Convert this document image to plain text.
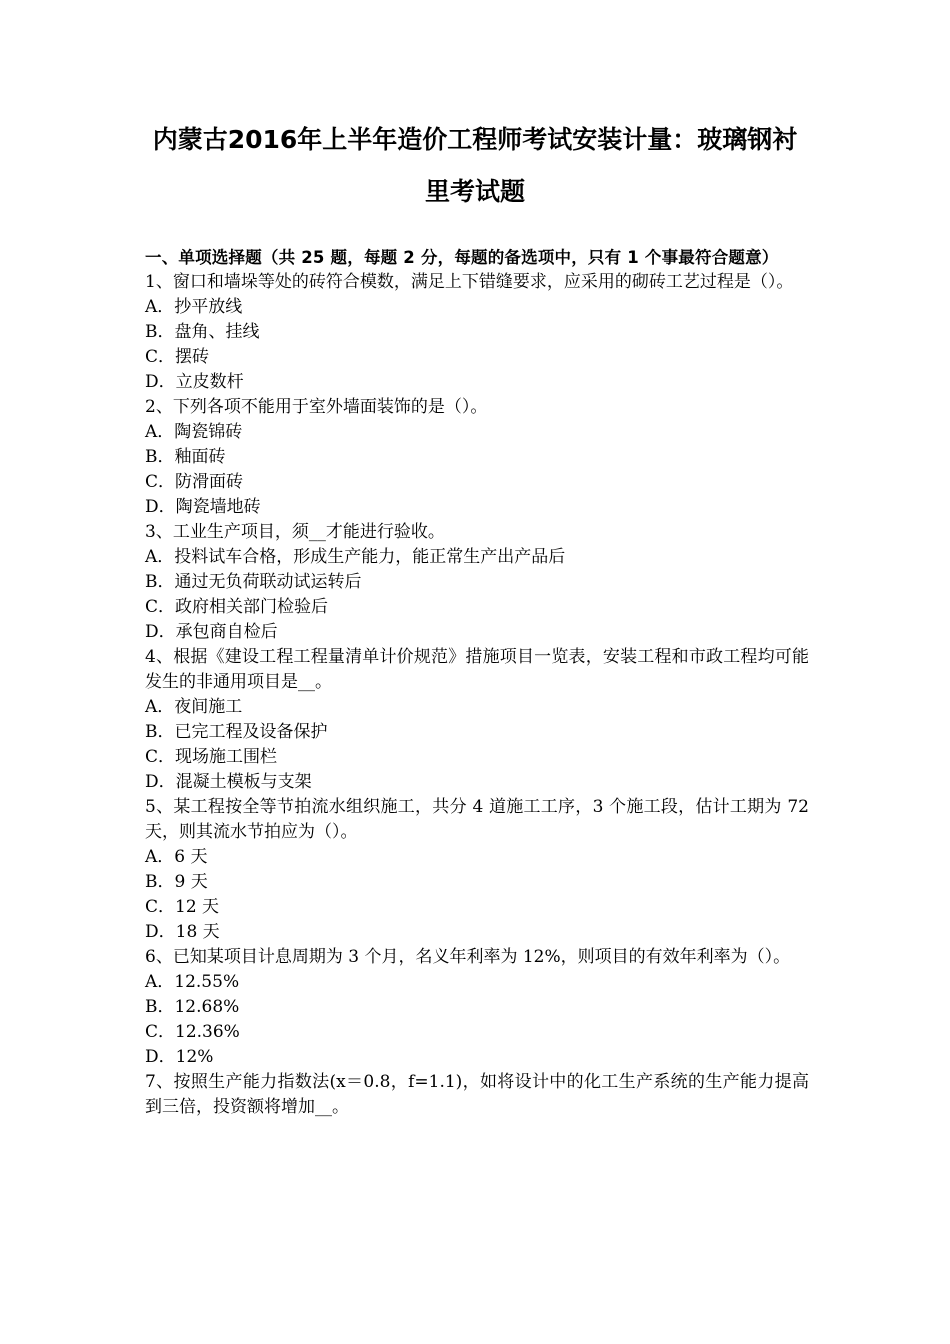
内蒙古2016年上半年造价工程师考试安装计量：玻璃钢衬
里考试题
一、单项选择题（共 25 题，每题 2 分，每题的备选项中，只有 1 个事最符合题意）
1、窗口和墙垛等处的砖符合模数，满足上下错缝要求，应采用的砌砖工艺过程是（）。
A．抄平放线
B．盘角、挂线
C．摆砖
D．立皮数杆
2、下列各项不能用于室外墙面装饰的是（）。
A．陶瓷锦砖
B．釉面砖
C．防滑面砖
D．陶瓷墙地砖
3、工业生产项目，须__才能进行验收。
A．投料试车合格，形成生产能力，能正常生产出产品后
B．通过无负荷联动试运转后
C．政府相关部门检验后
D．承包商自检后
4、根据《建设工程工程量清单计价规范》措施项目一览表，安装工程和市政工程均可能发生的非通用项目是__。
A．夜间施工
B．已完工程及设备保护
C．现场施工围栏
D．混凝土模板与支架
5、某工程按全等节拍流水组织施工，共分 4 道施工工序，3 个施工段，估计工期为 72 天，则其流水节拍应为（）。
A．6 天
B．9 天
C．12 天
D．18 天
6、已知某项目计息周期为 3 个月，名义年利率为 12%，则项目的有效年利率为（）。
A．12.55%
B．12.68%
C．12.36%
D．12%
7、按照生产能力指数法(x＝0.8，f=1.1)，如将设计中的化工生产系统的生产能力提高到三倍，投资额将增加__。
